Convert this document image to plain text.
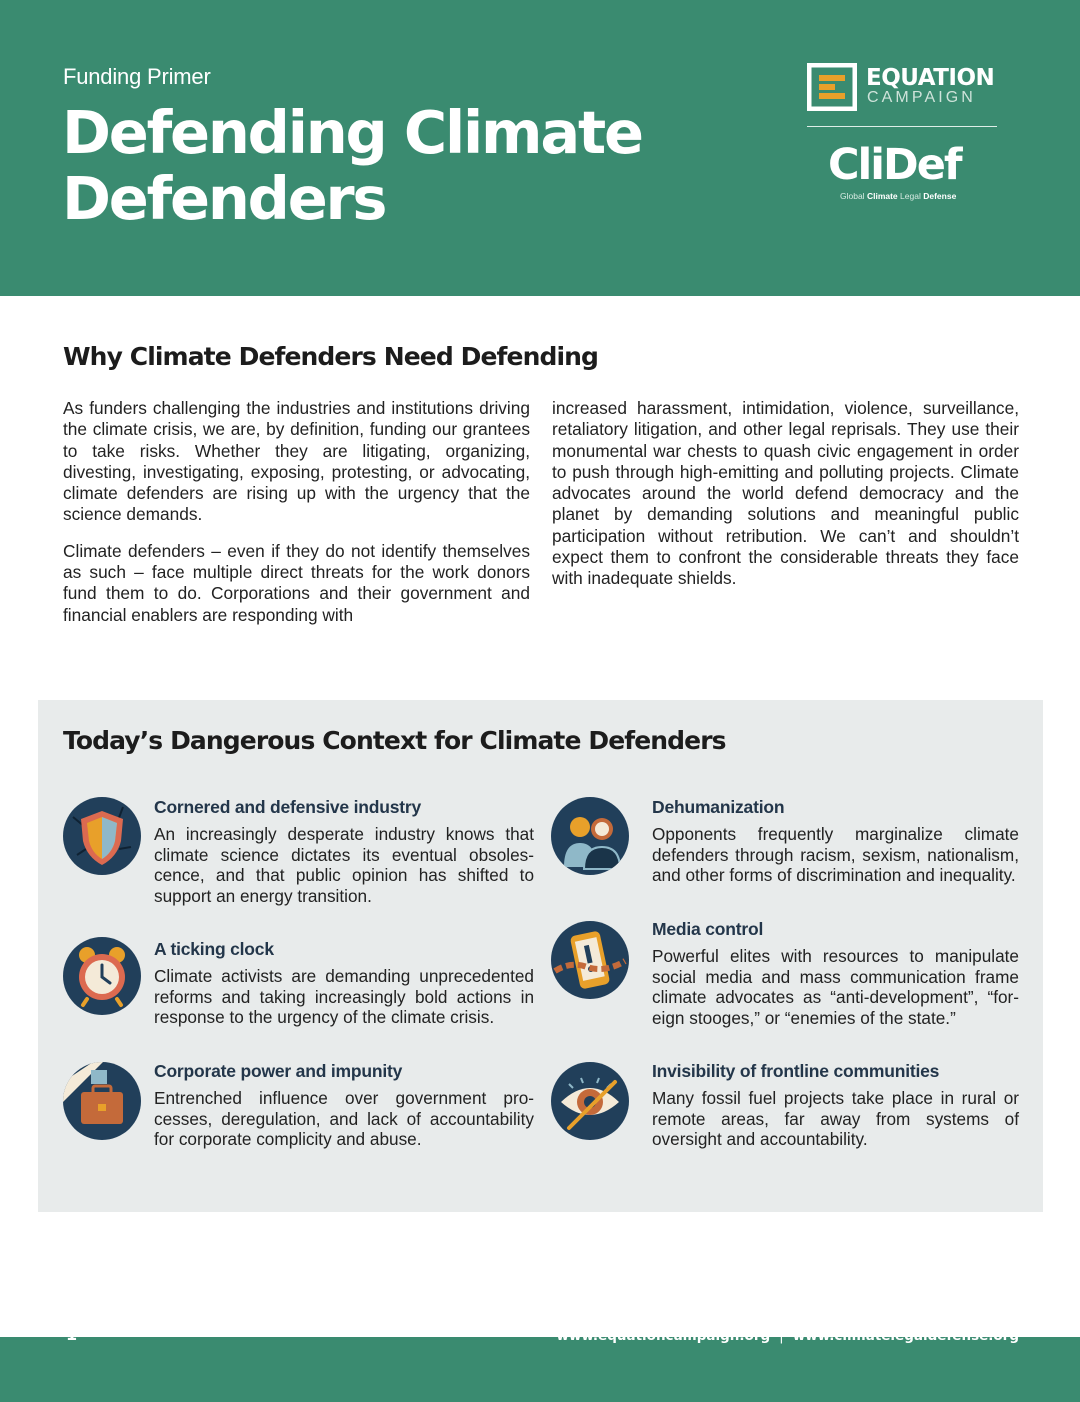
Funding Primer
Defending Climate
Defenders
EQUATION
CAMPAIGN
CliDef
Global Climate Legal Defense
Why Climate Defenders Need Defending

As funders challenging the industries and institutions driving the climate crisis, we are, by definition, funding our grantees to take risks. Whether they are litigating, organizing, divesting, investigating, exposing, protesting, or advocating, climate defenders are rising up with the urgency that the science demands.

Climate defenders – even if they do not identify themselves as such – face multiple direct threats for the work donors fund them to do. Corporations and their government and financial enablers are responding with

increased harassment, intimidation, violence, surveillance, retaliatory litigation, and other legal reprisals. They use their monumental war chests to quash civic engagement in order to push through high-emitting and polluting projects. Climate advocates around the world defend democracy and the planet by demanding solutions and meaningful public participation without retribution. We can’t and shouldn’t expect them to confront the considerable threats they face with inadequate shields.

Today’s Dangerous Context for Climate Defenders

Cornered and defensive industry

An increasingly desperate industry knows that climate science dictates its eventual obsolescence, and that public opinion has shifted to support an energy transition.

A ticking clock

Climate activists are demanding unprecedented reforms and taking increasingly bold actions in response to the urgency of the climate crisis.

Corporate power and impunity

Entrenched influence over government processes, deregulation, and lack of accountability for corporate complicity and abuse.

Dehumanization

Opponents frequently marginalize climate defenders through racism, sexism, nationalism, and other forms of discrimination and inequality.

Media control

Powerful elites with resources to manipulate social media and mass communication frame climate advocates as “anti-development”, “foreign stooges,” or “enemies of the state.”

Invisibility of frontline communities

Many fossil fuel projects take place in rural or remote areas, far away from systems of oversight and accountability.

1	www.equationcampaign.org | www.climatelegaldefense.org
